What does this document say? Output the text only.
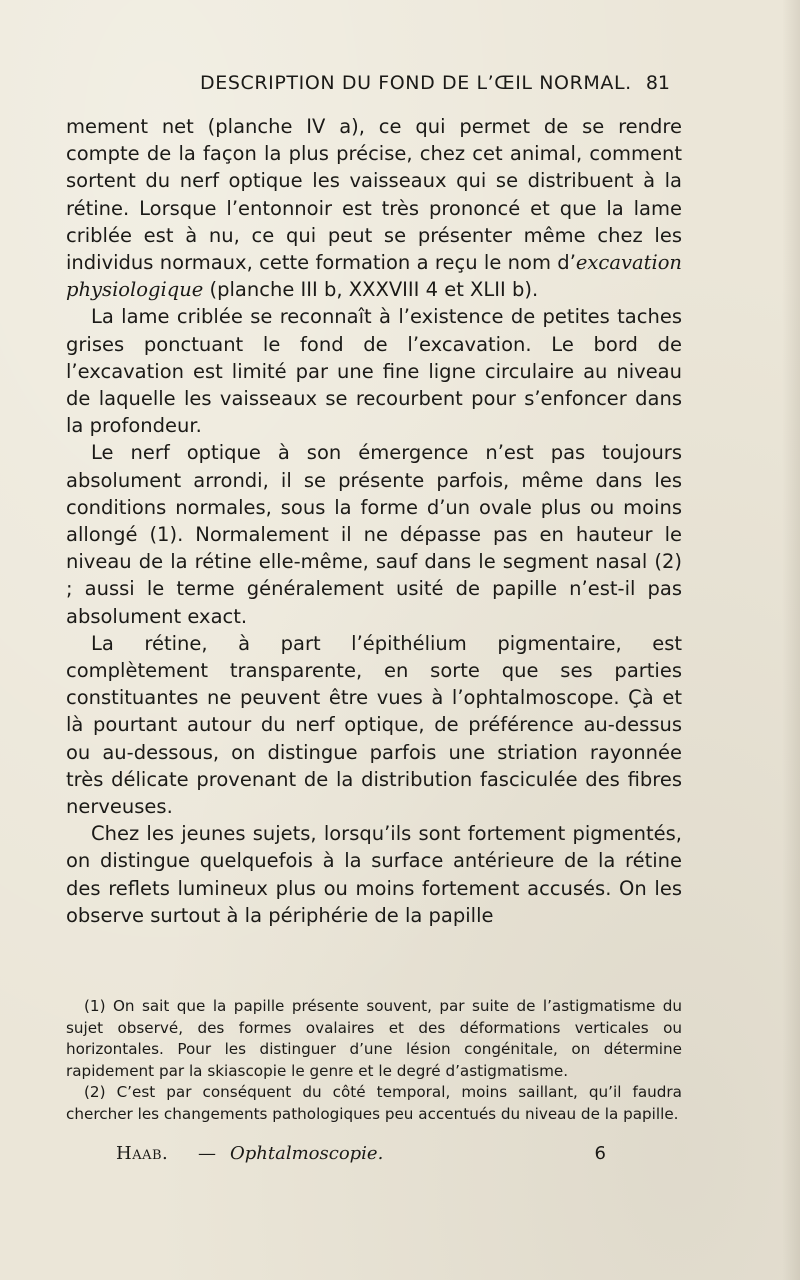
DESCRIPTION DU FOND DE L’ŒIL NORMAL. 81

mement net (planche IV a), ce qui permet de se rendre compte de la façon la plus précise, chez cet animal, comment sortent du nerf optique les vaisseaux qui se distribuent à la rétine. Lorsque l’entonnoir est très prononcé et que la lame criblée est à nu, ce qui peut se présenter même chez les individus normaux, cette formation a reçu le nom d’excavation physiologique (planche III b, XXXVIII 4 et XLII b).

La lame criblée se reconnaît à l’existence de petites taches grises ponctuant le fond de l’excavation. Le bord de l’excavation est limité par une fine ligne circulaire au niveau de laquelle les vaisseaux se recourbent pour s’enfoncer dans la profondeur.

Le nerf optique à son émergence n’est pas toujours absolument arrondi, il se présente parfois, même dans les conditions normales, sous la forme d’un ovale plus ou moins allongé (1). Normalement il ne dépasse pas en hauteur le niveau de la rétine elle-même, sauf dans le segment nasal (2) ; aussi le terme généralement usité de papille n’est-il pas absolument exact.

La rétine, à part l’épithélium pigmentaire, est complètement transparente, en sorte que ses parties constituantes ne peuvent être vues à l’ophtalmoscope. Çà et là pourtant autour du nerf optique, de préférence au-dessus ou au-dessous, on distingue parfois une striation rayonnée très délicate provenant de la distribution fasciculée des fibres nerveuses.

Chez les jeunes sujets, lorsqu’ils sont fortement pigmentés, on distingue quelquefois à la surface antérieure de la rétine des reflets lumineux plus ou moins fortement accusés. On les observe surtout à la périphérie de la papille

(1) On sait que la papille présente souvent, par suite de l’astigmatisme du sujet observé, des formes ovalaires et des déformations verticales ou horizontales. Pour les distinguer d’une lésion congénitale, on détermine rapidement par la skiascopie le genre et le degré d’astigmatisme.

(2) C’est par conséquent du côté temporal, moins saillant, qu’il faudra chercher les changements pathologiques peu accentués du niveau de la papille.

Haab. — Ophtalmoscopie.	6
